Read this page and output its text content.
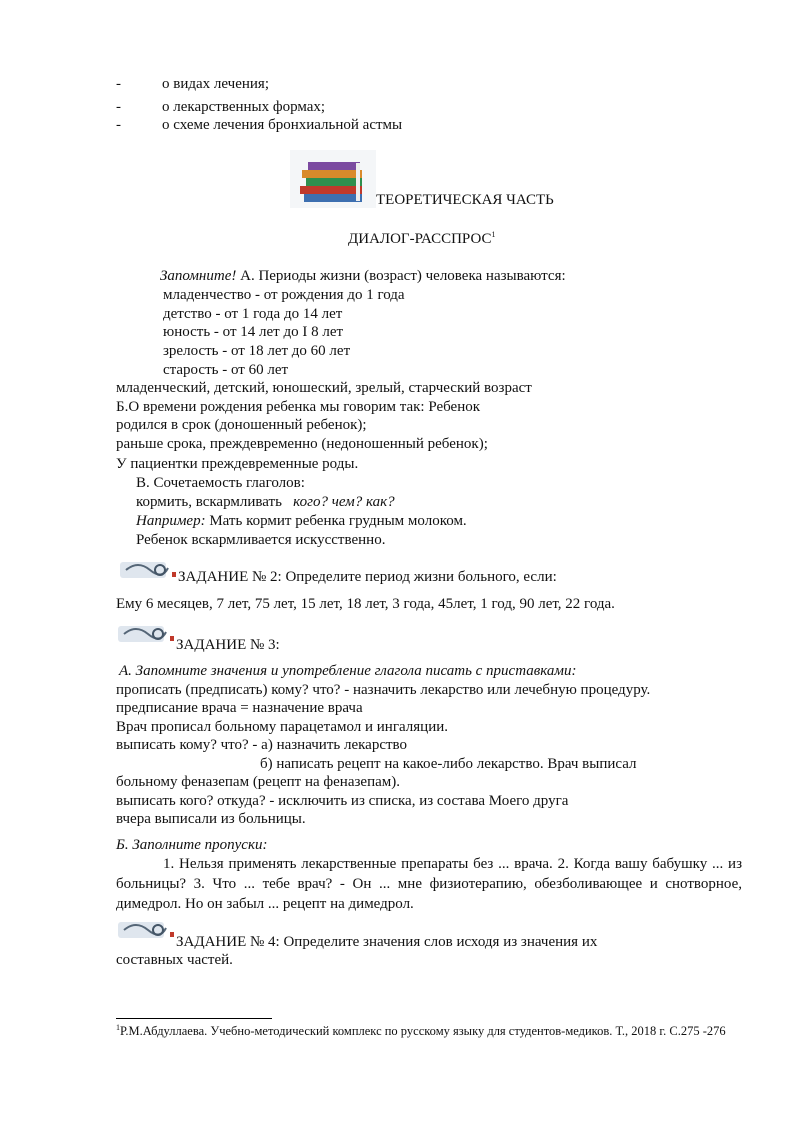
-	о видах лечения;
-	о лекарственных формах;
-	о схеме лечения бронхиальной астмы
ТЕОРЕТИЧЕСКАЯ ЧАСТЬ
ДИАЛОГ-РАССПРОС$^1$
Запомните! А. Периоды жизни (возраст) человека называются:
младенчество - от рождения до 1 года
детство - от 1 года до 14 лет
юность - от 14 лет до I 8 лет
зрелость - от 18 лет до 60 лет
старость - от 60 лет
младенческий, детский, юношеский, зрелый, старческий возраст
Б.О времени рождения ребенка мы говорим так: Ребенок
родился в срок (доношенный ребенок);
раньше срока, преждевременно (недоношенный ребенок);
У пациентки преждевременные роды.
В. Сочетаемость глаголов:
кормить, вскармливать   кого? чем? как?
Например: Мать кормит ребенка грудным молоком.
Ребенок вскармливается искусственно.
ЗАДАНИЕ № 2: Определите период жизни больного, если:
Ему 6 месяцев, 7 лет, 75 лет, 15 лет, 18 лет, 3 года, 45лет, 1 год, 90 лет, 22 года.
ЗАДАНИЕ № 3:
А. Запомните значения и употребление глагола писать с приставками:
прописать (предписать) кому? что? - назначить лекарство или лечебную процедуру.
предписание врача = назначение врача
Врач прописал больному парацетамол и ингаляции.
выписать кому? что? - а) назначить лекарство
б) написать рецепт на какое-либо лекарство. Врач выписал
больному феназепам (рецепт на феназепам).
выписать кого? откуда? - исключить из списка, из состава Моего друга
вчера выписали из больницы.
Б. Заполните пропуски:
1. Нельзя применять лекарственные препараты без ... врача. 2. Когда вашу бабушку ... из больницы? 3. Что ... тебе врач? - Он ... мне физиотерапию, обезболивающее и снотворное, димедрол. Но он забыл ... рецепт на димедрол.
ЗАДАНИЕ № 4: Определите значения слов исходя из значения их
составных частей.
$^1$Р.М.Абдуллаева. Учебно-методический комплекс по русскому языку для студентов-медиков. Т., 2018 г. С.275 -276
